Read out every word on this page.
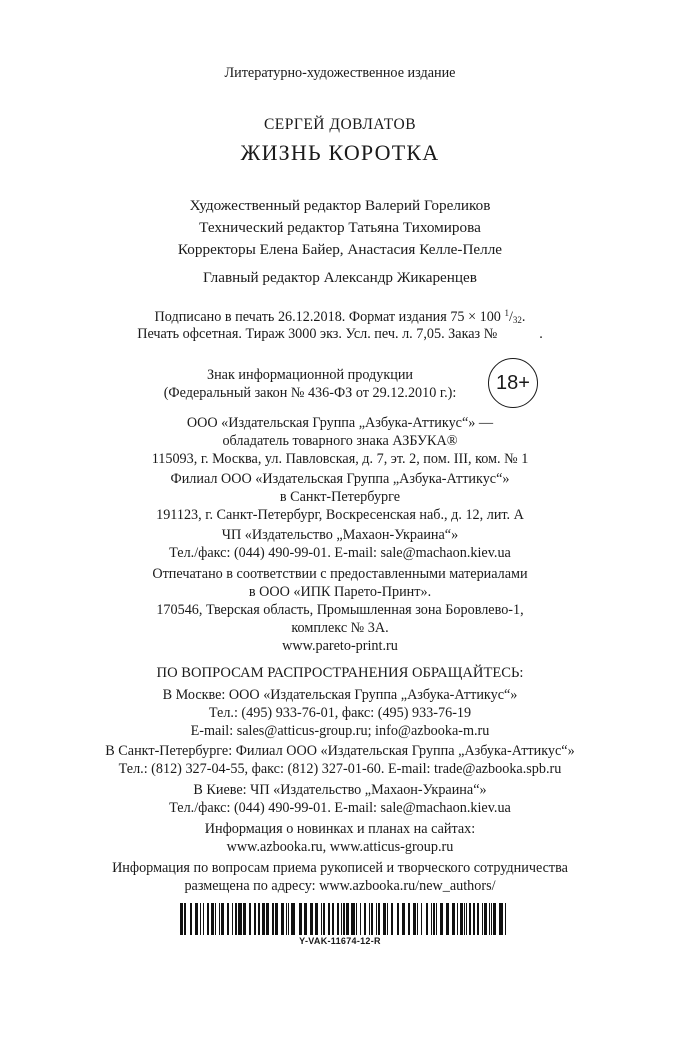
Литературно-художественное издание
СЕРГЕЙ ДОВЛАТОВ
ЖИЗНЬ КОРОТКА
Художественный редактор Валерий Гореликов
Технический редактор Татьяна Тихомирова
Корректоры Елена Байер, Анастасия Келле-Пелле
Главный редактор Александр Жикаренцев
Подписано в печать 26.12.2018. Формат издания 75 × 100 $^1/_{32}$.
Печать офсетная. Тираж 3000 экз. Усл. печ. л. 7,05. Заказ №	.
Знак информационной продукции
(Федеральный закон № 436-ФЗ от 29.12.2010 г.):	18+
ООО «Издательская Группа „Азбука-Аттикус“» —
обладатель товарного знака АЗБУКА®
115093, г. Москва, ул. Павловская, д. 7, эт. 2, пом. III, ком. № 1
Филиал ООО «Издательская Группа „Азбука-Аттикус“»
в Санкт-Петербурге
191123, г. Санкт-Петербург, Воскресенская наб., д. 12, лит. А
ЧП «Издательство „Махаон-Украина“»
Тел./факс: (044) 490-99-01. E-mail: sale@machaon.kiev.ua
Отпечатано в соответствии с предоставленными материалами
в ООО «ИПК Парето-Принт».
170546, Тверская область, Промышленная зона Боровлево-1,
комплекс № 3А.
www.pareto-print.ru
ПО ВОПРОСАМ РАСПРОСТРАНЕНИЯ ОБРАЩАЙТЕСЬ:
В Москве: ООО «Издательская Группа „Азбука-Аттикус“»
Тел.: (495) 933-76-01, факс: (495) 933-76-19
E-mail: sales@atticus-group.ru; info@azbooka-m.ru
В Санкт-Петербурге: Филиал ООО «Издательская Группа „Азбука-Аттикус“»
Тел.: (812) 327-04-55, факс: (812) 327-01-60. E-mail: trade@azbooka.spb.ru
В Киеве: ЧП «Издательство „Махаон-Украина“»
Тел./факс: (044) 490-99-01. E-mail: sale@machaon.kiev.ua
Информация о новинках и планах на сайтах:
www.azbooka.ru, www.atticus-group.ru
Информация по вопросам приема рукописей и творческого сотрудничества
размещена по адресу: www.azbooka.ru/new_authors/
Y-VAK-11674-12-R
